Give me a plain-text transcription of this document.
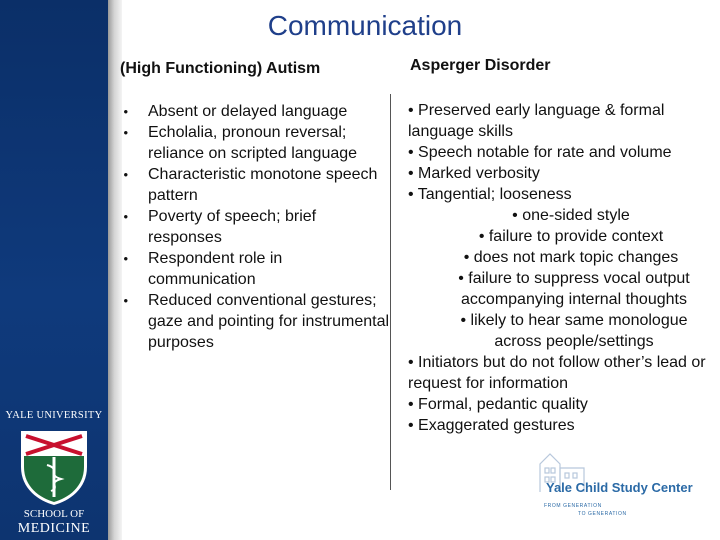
Communication
(High Functioning) Autism	Asperger Disorder
• Absent or delayed language
• Echolalia, pronoun reversal; reliance on scripted language
• Characteristic monotone speech pattern
• Poverty of speech; brief responses
• Respondent role in communication
• Reduced conventional gestures; gaze and pointing for instrumental purposes
• Preserved early language & formal language skills
• Speech notable for rate and volume
• Marked verbosity
• Tangential; looseness
• one-sided style
• failure to provide context
• does not mark topic changes
• failure to suppress vocal output accompanying internal thoughts
• likely to hear same monologue across people/settings
• Initiators but do not follow other’s lead or request for information
• Formal, pedantic quality
• Exaggerated gestures
YALE UNIVERSITY
SCHOOL OF
MEDICINE
Yale Child Study Center
FROM GENERATION
TO GENERATION
